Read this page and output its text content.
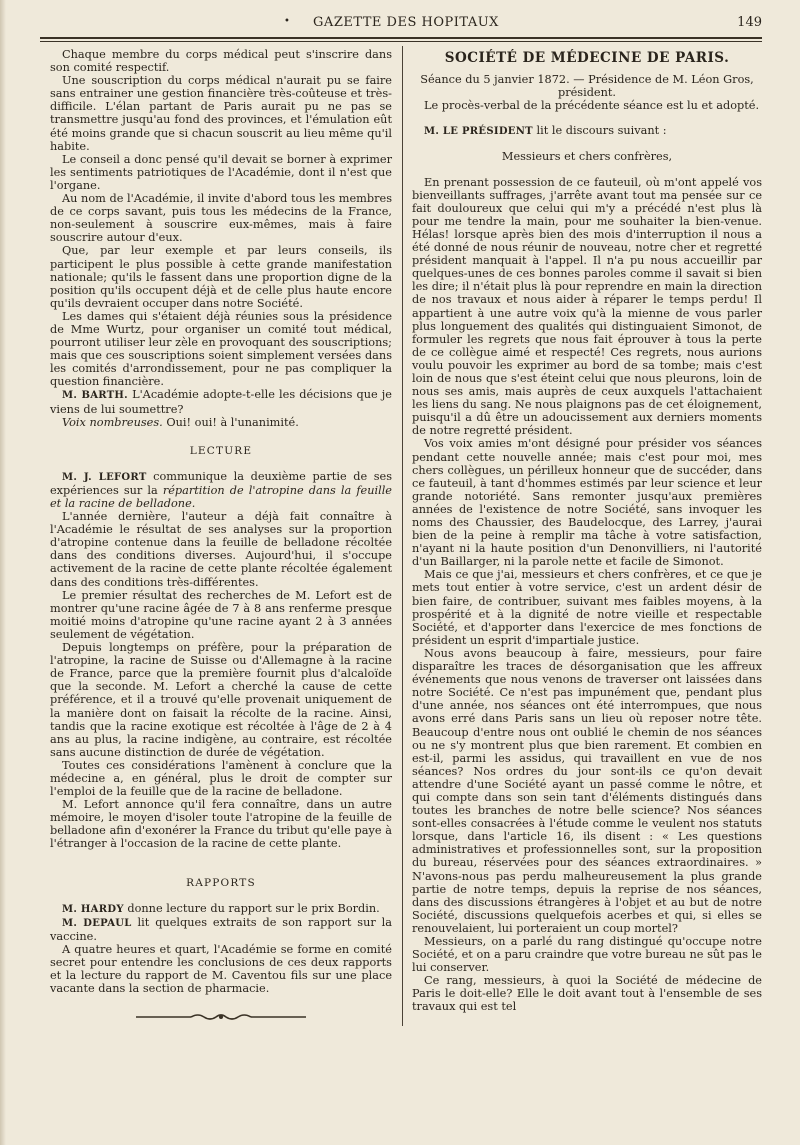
•	GAZETTE DES HOPITAUX	149

Chaque membre du corps médical peut s'inscrire dans son comité respectif.

Une souscription du corps médical n'aurait pu se faire sans entrainer une gestion financière très-coûteuse et très-difficile. L'élan partant de Paris aurait pu ne pas se transmettre jusqu'au fond des provinces, et l'émulation eût été moins grande que si chacun souscrit au lieu même qu'il habite.

Le conseil a donc pensé qu'il devait se borner à exprimer les sentiments patriotiques de l'Académie, dont il n'est que l'organe.

Au nom de l'Académie, il invite d'abord tous les membres de ce corps savant, puis tous les médecins de la France, non-seulement à souscrire eux-mêmes, mais à faire souscrire autour d'eux.

Que, par leur exemple et par leurs conseils, ils participent le plus possible à cette grande manifestation nationale; qu'ils le fassent dans une proportion digne de la position qu'ils occupent déjà et de celle plus haute encore qu'ils devraient occuper dans notre Société.

Les dames qui s'étaient déjà réunies sous la présidence de Mme Wurtz, pour organiser un comité tout médical, pourront utiliser leur zèle en provoquant des souscriptions; mais que ces souscriptions soient simplement versées dans les comités d'arrondissement, pour ne pas compliquer la question financière.

M. BARTH. L'Académie adopte-t-elle les décisions que je viens de lui soumettre?

Voix nombreuses. Oui! oui! à l'unanimité.

LECTURE

M. J. LEFORT communique la deuxième partie de ses expériences sur la répartition de l'atropine dans la feuille et la racine de belladone.

L'année dernière, l'auteur a déjà fait connaître à l'Académie le résultat de ses analyses sur la proportion d'atropine contenue dans la feuille de belladone récoltée dans des conditions diverses. Aujourd'hui, il s'occupe activement de la racine de cette plante récoltée également dans des conditions très-différentes.

Le premier résultat des recherches de M. Lefort est de montrer qu'une racine âgée de 7 à 8 ans renferme presque moitié moins d'atropine qu'une racine ayant 2 à 3 années seulement de végétation.

Depuis longtemps on préfère, pour la préparation de l'atropine, la racine de Suisse ou d'Allemagne à la racine de France, parce que la première fournit plus d'alcaloïde que la seconde. M. Lefort a cherché la cause de cette préférence, et il a trouvé qu'elle provenait uniquement de la manière dont on faisait la récolte de la racine. Ainsi, tandis que la racine exotique est récoltée à l'âge de 2 à 4 ans au plus, la racine indigène, au contraire, est récoltée sans aucune distinction de durée de végétation.

Toutes ces considérations l'amènent à conclure que la médecine a, en général, plus le droit de compter sur l'emploi de la feuille que de la racine de belladone.

M. Lefort annonce qu'il fera connaître, dans un autre mémoire, le moyen d'isoler toute l'atropine de la feuille de belladone afin d'exonérer la France du tribut qu'elle paye à l'étranger à l'occasion de la racine de cette plante.

RAPPORTS

M. HARDY donne lecture du rapport sur le prix Bordin.

M. DEPAUL lit quelques extraits de son rapport sur la vaccine.

A quatre heures et quart, l'Académie se forme en comité secret pour entendre les conclusions de ces deux rapports et la lecture du rapport de M. Caventou fils sur une place vacante dans la section de pharmacie.

SOCIÉTÉ DE MÉDECINE DE PARIS.

Séance du 5 janvier 1872. — Présidence de M. Léon Gros, président.

Le procès-verbal de la précédente séance est lu et adopté.

M. LE PRÉSIDENT lit le discours suivant :

Messieurs et chers confrères,

En prenant possession de ce fauteuil, où m'ont appelé vos bienveillants suffrages, j'arrête avant tout ma pensée sur ce fait douloureux que celui qui m'y a précédé n'est plus là pour me tendre la main, pour me souhaiter la bien-venue. Hélas! lorsque après bien des mois d'interruption il nous a été donné de nous réunir de nouveau, notre cher et regretté président manquait à l'appel. Il n'a pu nous accueillir par quelques-unes de ces bonnes paroles comme il savait si bien les dire; il n'était plus là pour reprendre en main la direction de nos travaux et nous aider à réparer le temps perdu! Il appartient à une autre voix qu'à la mienne de vous parler plus longuement des qualités qui distinguaient Simonot, de formuler les regrets que nous fait éprouver à tous la perte de ce collègue aimé et respecté! Ces regrets, nous aurions voulu pouvoir les exprimer au bord de sa tombe; mais c'est loin de nous que s'est éteint celui que nous pleurons, loin de nous ses amis, mais auprès de ceux auxquels l'attachaient les liens du sang. Ne nous plaignons pas de cet éloignement, puisqu'il a dû être un adoucissement aux derniers moments de notre regretté président.

Vos voix amies m'ont désigné pour présider vos séances pendant cette nouvelle année; mais c'est pour moi, mes chers collègues, un périlleux honneur que de succéder, dans ce fauteuil, à tant d'hommes estimés par leur science et leur grande notoriété. Sans remonter jusqu'aux premières années de l'existence de notre Société, sans invoquer les noms des Chaussier, des Baudelocque, des Larrey, j'aurai bien de la peine à remplir ma tâche à votre satisfaction, n'ayant ni la haute position d'un Denonvilliers, ni l'autorité d'un Baillarger, ni la parole nette et facile de Simonot.

Mais ce que j'ai, messieurs et chers confrères, et ce que je mets tout entier à votre service, c'est un ardent désir de bien faire, de contribuer, suivant mes faibles moyens, à la prospérité et à la dignité de notre vieille et respectable Société, et d'apporter dans l'exercice de mes fonctions de président un esprit d'impartiale justice.

Nous avons beaucoup à faire, messieurs, pour faire disparaître les traces de désorganisation que les affreux événements que nous venons de traverser ont laissées dans notre Société. Ce n'est pas impunément que, pendant plus d'une année, nos séances ont été interrompues, que nous avons erré dans Paris sans un lieu où reposer notre tête. Beaucoup d'entre nous ont oublié le chemin de nos séances ou ne s'y montrent plus que bien rarement. Et combien en est-il, parmi les assidus, qui travaillent en vue de nos séances? Nos ordres du jour sont-ils ce qu'on devait attendre d'une Société ayant un passé comme le nôtre, et qui compte dans son sein tant d'éléments distingués dans toutes les branches de notre belle science? Nos séances sont-elles consacrées à l'étude comme le veulent nos statuts lorsque, dans l'article 16, ils disent : « Les questions administratives et professionnelles sont, sur la proposition du bureau, réservées pour des séances extraordinaires. » N'avons-nous pas perdu malheureusement la plus grande partie de notre temps, depuis la reprise de nos séances, dans des discussions étrangères à l'objet et au but de notre Société, discussions quelquefois acerbes et qui, si elles se renouvelaient, lui porteraient un coup mortel?

Messieurs, on a parlé du rang distingué qu'occupe notre Société, et on a paru craindre que votre bureau ne sût pas le lui conserver.

Ce rang, messieurs, à quoi la Société de médecine de Paris le doit-elle? Elle le doit avant tout à l'ensemble de ses travaux qui est tel
